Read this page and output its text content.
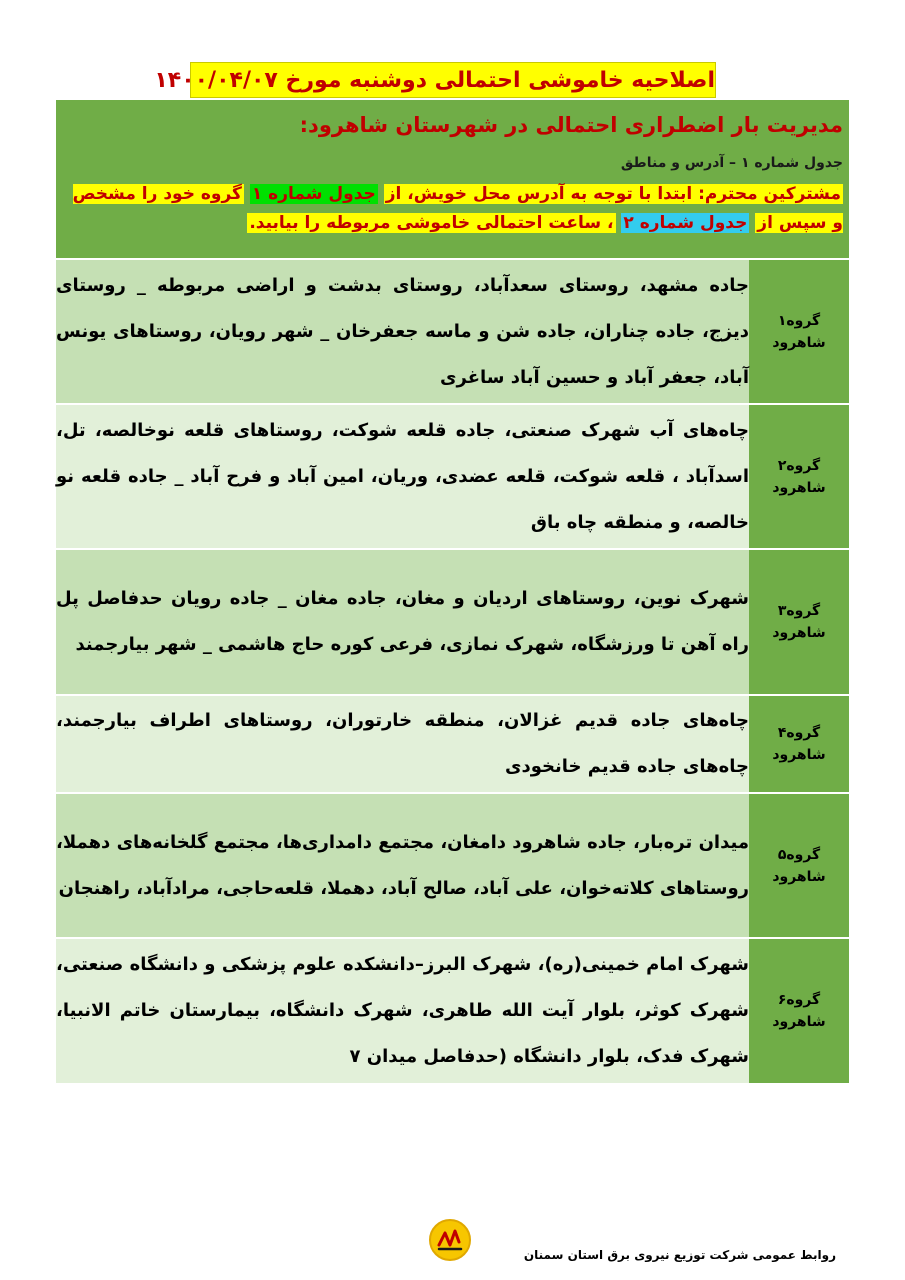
اصلاحیه خاموشی احتمالی دوشنبه مورخ ۱۴۰۰/۰۴/۰۷
مدیریت بار اضطراری احتمالی در شهرستان شاهرود:
جدول شماره ۱ – آدرس و مناطق
مشترکین محترم: ابتدا با توجه به آدرس محل خویش، از جدول شماره ۱ گروه خود را مشخص و سپس از جدول شماره ۲ ، ساعت احتمالی خاموشی مربوطه را بیابید.
گروه۱
شاهرود	جاده مشهد، روستای سعدآباد، روستای بدشت و اراضی مربوطه _ روستای دیزج، جاده چناران، جاده شن و ماسه جعفرخان _ شهر رویان، روستاهای یونس آباد، جعفر آباد و حسین آباد ساغری

گروه۲
شاهرود	چاه‌های آب شهرک صنعتی، جاده قلعه شوکت، روستاهای قلعه نوخالصه، تل، اسدآباد ، قلعه شوکت، قلعه عضدی، وریان، امین آباد و فرح آباد _ جاده قلعه نو خالصه، و منطقه چاه باق

گروه۳
شاهرود	شهرک نوین، روستاهای اردیان و مغان، جاده مغان _ جاده رویان حدفاصل پل راه آهن تا ورزشگاه، شهرک نمازی، فرعی کوره حاج هاشمی _ شهر بیارجمند

گروه۴
شاهرود	چاه‌های جاده قدیم غزالان، منطقه خارتوران، روستاهای اطراف بیارجمند، چاه‌های جاده قدیم خانخودی

گروه۵
شاهرود	میدان تره‌بار، جاده شاهرود دامغان، مجتمع دامداری‌ها، مجتمع گلخانه‌های دهملا، روستاهای کلاته‌خوان، علی آباد، صالح آباد، دهملا، قلعه‌حاجی، مرادآباد، راهنجان

گروه۶
شاهرود	شهرک امام خمینی(ره)، شهرک البرز–دانشکده علوم پزشکی و دانشگاه صنعتی، شهرک کوثر، بلوار آیت الله طاهری، شهرک دانشگاه، بیمارستان خاتم الانبیا، شهرک فدک، بلوار دانشگاه (حدفاصل میدان ۷
روابط عمومی شرکت توزیع نیروی برق استان سمنان
